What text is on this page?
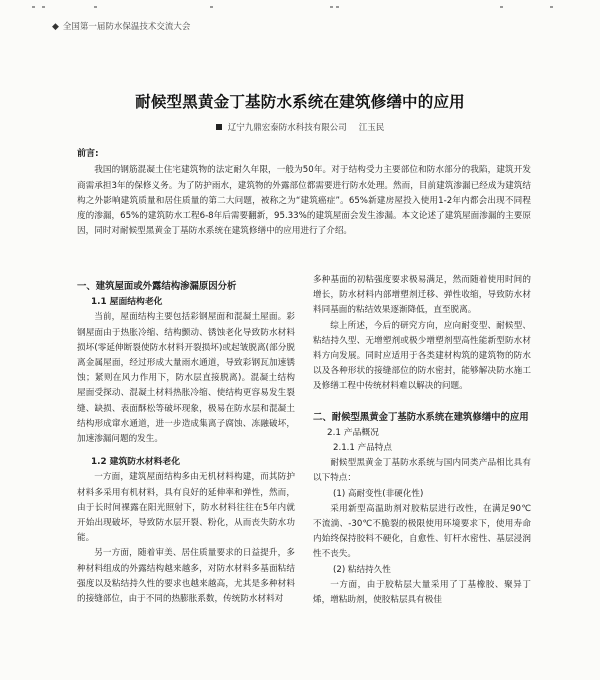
◆ 全国第一届防水保温技术交流大会
耐候型黑黄金丁基防水系统在建筑修缮中的应用
辽宁九鼎宏泰防水科技有限公司 江玉民
前言:

我国的钢筋混凝土住宅建筑物的法定耐久年限，一般为50年。对于结构受力主要部位和防水部分的我陷，建筑开发商需承担3年的保修义务。为了防护雨水，建筑物的外露部位都需要进行防水处理。然而，目前建筑渗漏已经成为建筑结构之外影响建筑质量和居住质量的第二大问题，被称之为“建筑癌症”。65%新建房屋投入使用1-2年内都会出现不同程度的渗漏，65%的建筑防水工程6-8年后需要翻新，95.33%的建筑屋面会发生渗漏。本文论述了建筑屋面渗漏的主要原因，同时对耐候型黑黄金丁基防水系统在建筑修缮中的应用进行了介绍。

一、建筑屋面或外露结构渗漏原因分析
1.1 屋面结构老化

当前，屋面结构主要包括彩钢屋面和混凝土屋面。彩钢屋面由于热胀冷缩、结构颤动、锈蚀老化导致防水材料损坏(零延伸断裂使防水材料开裂损坏)或起皱脱离(部分脱离金属屋面，经过形成大量雨水通道，导致彩钢瓦加速锈蚀；紧则在风力作用下，防水层直接脱离)。混凝土结构屋面受探动、混凝土材料热胀冷缩、使结构更容易发生裂缝、缺损、表面酥松等破坏现象，极易在防水层和混凝土结构形成窜水通道，进一步造成集离子腐蚀、冻融破坏，加速渗漏问题的发生。

1.2 建筑防水材料老化

一方面，建筑屋面结构多由无机材料构建，而其防护材料多采用有机材料，具有良好的延伸率和弹性，然而，由于长时间裸露在阳光照射下，防水材料往往在5年内就开始出现破坏，导致防水层开裂、粉化，从而丧失防水功能。

另一方面，随着审美、居住质量要求的日益提升，多种材料组成的外露结构越来越多，对防水材料多基面粘结强度以及粘结持久性的要求也越来越高，尤其是多种材料的接缝部位，由于不同的热膨胀系数，传统防水材料对

多种基面的初粘强度要求极易满足，然而随着使用时间的增长，防水材料内部增塑剂迁移、弹性收缩，导致防水材料同基面的粘结效果逐渐降低，直至脱离。

综上所述，今后的研究方向，应向耐变型、耐候型、粘结持久型、无增塑剂或极少增塑剂型高性能新型防水材料方向发展。同时应适用于各类建材构筑的建筑物的防水以及各种形状的接缝部位的防水密封，能够解决防水施工及修缮工程中传统材料难以解决的问题。

二、耐候型黑黄金丁基防水系统在建筑修缮中的应用
2.1 产品概况
2.1.1 产品特点

耐候型黑黄金丁基防水系统与国内同类产品相比具有以下特点：

(1) 高耐变性(非硬化性)

采用新型高温助剂对胶粘层进行改性，在满足90℃不流淌、-30℃不脆裂的极限使用环境要求下，使用寿命内始终保持胶料不硬化，自愈性、钉杆水密性、基层浸润性不丧失。

(2) 粘结持久性

一方面，由于胶粘层大量采用了丁基橡胶、聚异丁烯，增粘助剂，使胶粘层具有极佳
